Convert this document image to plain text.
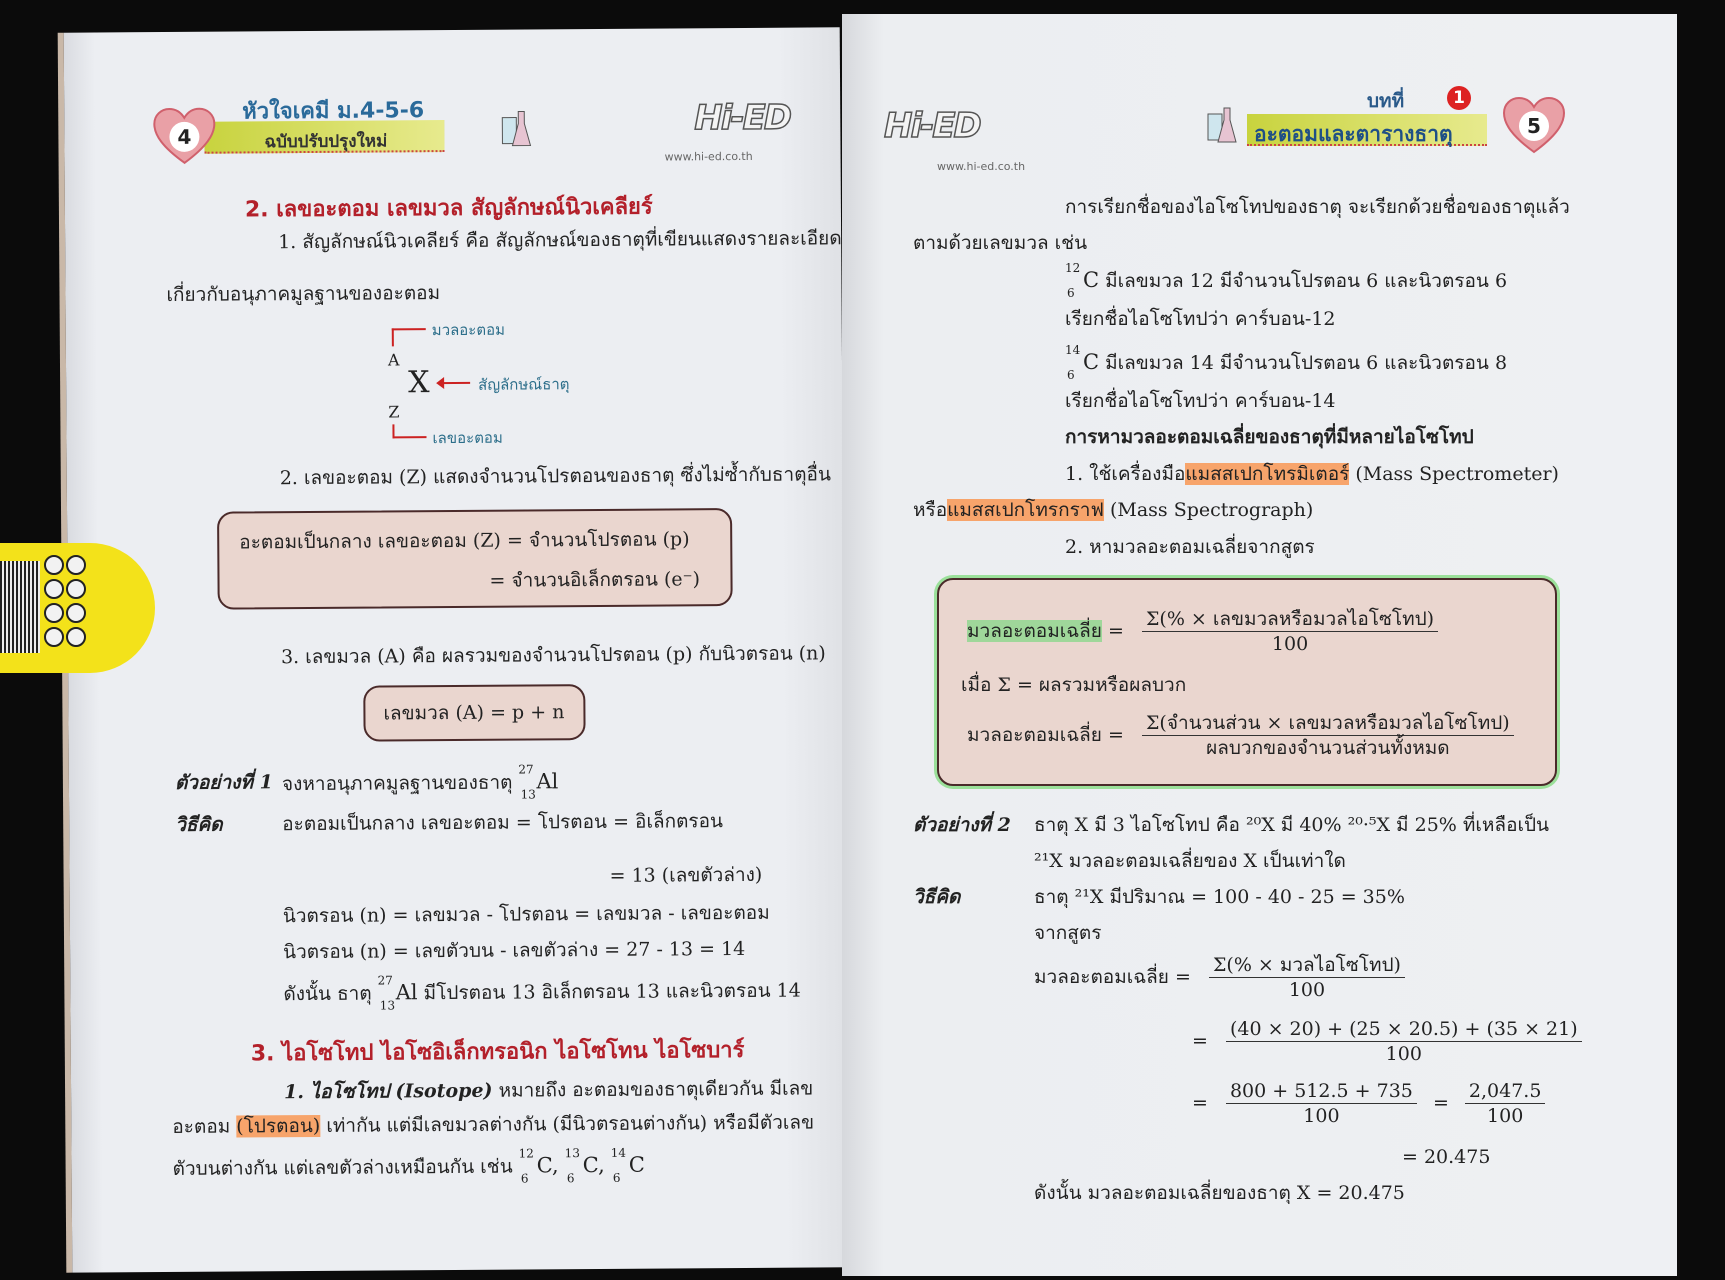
4
หัวใจเคมี ม.4-5-6
ฉบับปรับปรุงใหม่
Hi-ED
www.hi-ed.co.th
2. เลขอะตอม เลขมวล สัญลักษณ์นิวเคลียร์
1. สัญลักษณ์นิวเคลียร์ คือ สัญลักษณ์ของธาตุที่เขียนแสดงรายละเอียด
เกี่ยวกับอนุภาคมูลฐานของอะตอม
A
X
Z
มวลอะตอม
สัญลักษณ์ธาตุ
เลขอะตอม
2. เลขอะตอม (Z) แสดงจำนวนโปรตอนของธาตุ ซึ่งไม่ซ้ำกับธาตุอื่น
อะตอมเป็นกลาง เลขอะตอม (Z) = จำนวนโปรตอน (p)
= จำนวนอิเล็กตรอน (e⁻)
3. เลขมวล (A) คือ ผลรวมของจำนวนโปรตอน (p) กับนิวตรอน (n)
เลขมวล (A) = p + n
ตัวอย่างที่ 1 จงหาอนุภาคมูลฐานของธาตุ
27
13
Al
วิธีคิด	อะตอมเป็นกลาง เลขอะตอม = โปรตอน = อิเล็กตรอน
= 13 (เลขตัวล่าง)
นิวตรอน (n) = เลขมวล - โปรตอน = เลขมวล - เลขอะตอม
นิวตรอน (n) = เลขตัวบน - เลขตัวล่าง = 27 - 13 = 14
ดังนั้น ธาตุ
27
13
Al มีโปรตอน 13 อิเล็กตรอน 13 และนิวตรอน 14
3. ไอโซโทป ไอโซอิเล็กทรอนิก ไอโซโทน ไอโซบาร์
1. ไอโซโทป (Isotope) หมายถึง อะตอมของธาตุเดียวกัน มีเลข
อะตอม (โปรตอน) เท่ากัน แต่มีเลขมวลต่างกัน (มีนิวตรอนต่างกัน) หรือมีตัวเลข
ตัวบนต่างกัน แต่เลขตัวล่างเหมือนกัน เช่น
12
6
C,
13
6
C,
14
6
C
Hi-ED
www.hi-ed.co.th
บทที่	1
อะตอมและตารางธาตุ	5
การเรียกชื่อของไอโซโทปของธาตุ จะเรียกด้วยชื่อของธาตุแล้ว
ตามด้วยเลขมวล เช่น
12
6
C มีเลขมวล 12 มีจำนวนโปรตอน 6 และนิวตรอน 6
เรียกชื่อไอโซโทปว่า คาร์บอน-12
14
6
C มีเลขมวล 14 มีจำนวนโปรตอน 6 และนิวตรอน 8
เรียกชื่อไอโซโทปว่า คาร์บอน-14
การหามวลอะตอมเฉลี่ยของธาตุที่มีหลายไอโซโทป
1. ใช้เครื่องมือแมสสเปกโทรมิเตอร์ (Mass Spectrometer)
หรือแมสสเปกโทรกราฟ (Mass Spectrograph)
2. หามวลอะตอมเฉลี่ยจากสูตร
มวลอะตอมเฉลี่ย = $\frac{\text{Σ(\% × เลขมวลหรือมวลไอโซโทป)}}{100}$
เมื่อ Σ = ผลรวมหรือผลบวก
มวลอะตอมเฉลี่ย = $\frac{\text{Σ(จำนวนส่วน × เลขมวลหรือมวลไอโซโทป)}}{\text{ผลบวกของจำนวนส่วนทั้งหมด}}$
ตัวอย่างที่ 2 ธาตุ X มี 3 ไอโซโทป คือ ²⁰X มี 40% ²⁰·⁵X มี 25% ที่เหลือเป็น
²¹X มวลอะตอมเฉลี่ยของ X เป็นเท่าใด
วิธีคิด	ธาตุ ²¹X มีปริมาณ = 100 - 40 - 25 = 35%
จากสูตร
มวลอะตอมเฉลี่ย = $\frac{\text{Σ(\% × มวลไอโซโทป)}}{100}$
= $\frac{(40 \times 20) + (25 \times 20.5) + (35 \times 21)}{100}$
= $\frac{800 + 512.5 + 735}{100} = \frac{2,047.5}{100}$
= 20.475
ดังนั้น มวลอะตอมเฉลี่ยของธาตุ X = 20.475
